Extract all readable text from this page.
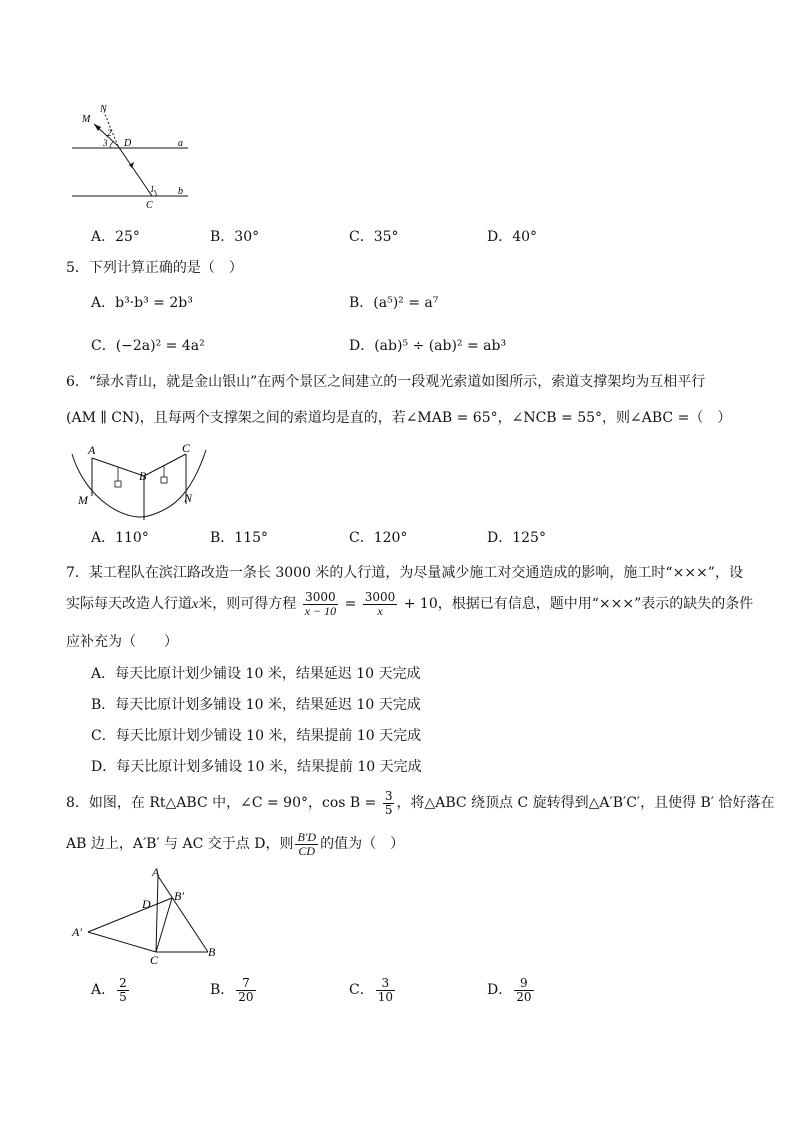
N
M
2
3 D	a
1 b
C
A．25°	B．30°	C．35°	D．40°
5．下列计算正确的是（　）
A．b³·b³ = 2b³	B．(a⁵)² = a⁷
C．(−2a)² = 4a²	D．(ab)⁵ ÷ (ab)² = ab³
6．“绿水青山，就是金山银山”在两个景区之间建立的一段观光索道如图所示，索道支撑架均为互相平行
(AM ∥ CN)，且每两个支撑架之间的索道均是直的，若∠MAB = 65°，∠NCB = 55°，则∠ABC =（　）
A
B
C
M	N
A．110°	B．115°	C．120°	D．125°
7．某工程队在滨江路改造一条长 3000 米的人行道，为尽量减少施工对交通造成的影响，施工时“×××”，设
实际每天改造人行道x米，则可得方程 $\frac{3000}{x - 10} = \frac{3000}{x} + 10$，根据已有信息，题中用“×××”表示的缺失的条件
应补充为（　　）
A．每天比原计划少铺设 10 米，结果延迟 10 天完成
B．每天比原计划多铺设 10 米，结果延迟 10 天完成
C．每天比原计划少铺设 10 米，结果提前 10 天完成
D．每天比原计划多铺设 10 米，结果提前 10 天完成
8．如图，在 Rt△ABC 中，∠C = 90°，$\cos B = \frac{3}{5}$ ，将△ABC 绕顶点 C 旋转得到△A′B′C′，且使得 B′ 恰好落在
AB 边上，A′B′ 与 AC 交于点 D，则 $\frac{B'D}{CD}$ 的值为（　）
A
B′
D
A′
B
C
A． $\frac{2}{5}$	B． $\frac{7}{20}$	C． $\frac{3}{10}$	D． $\frac{9}{20}$
